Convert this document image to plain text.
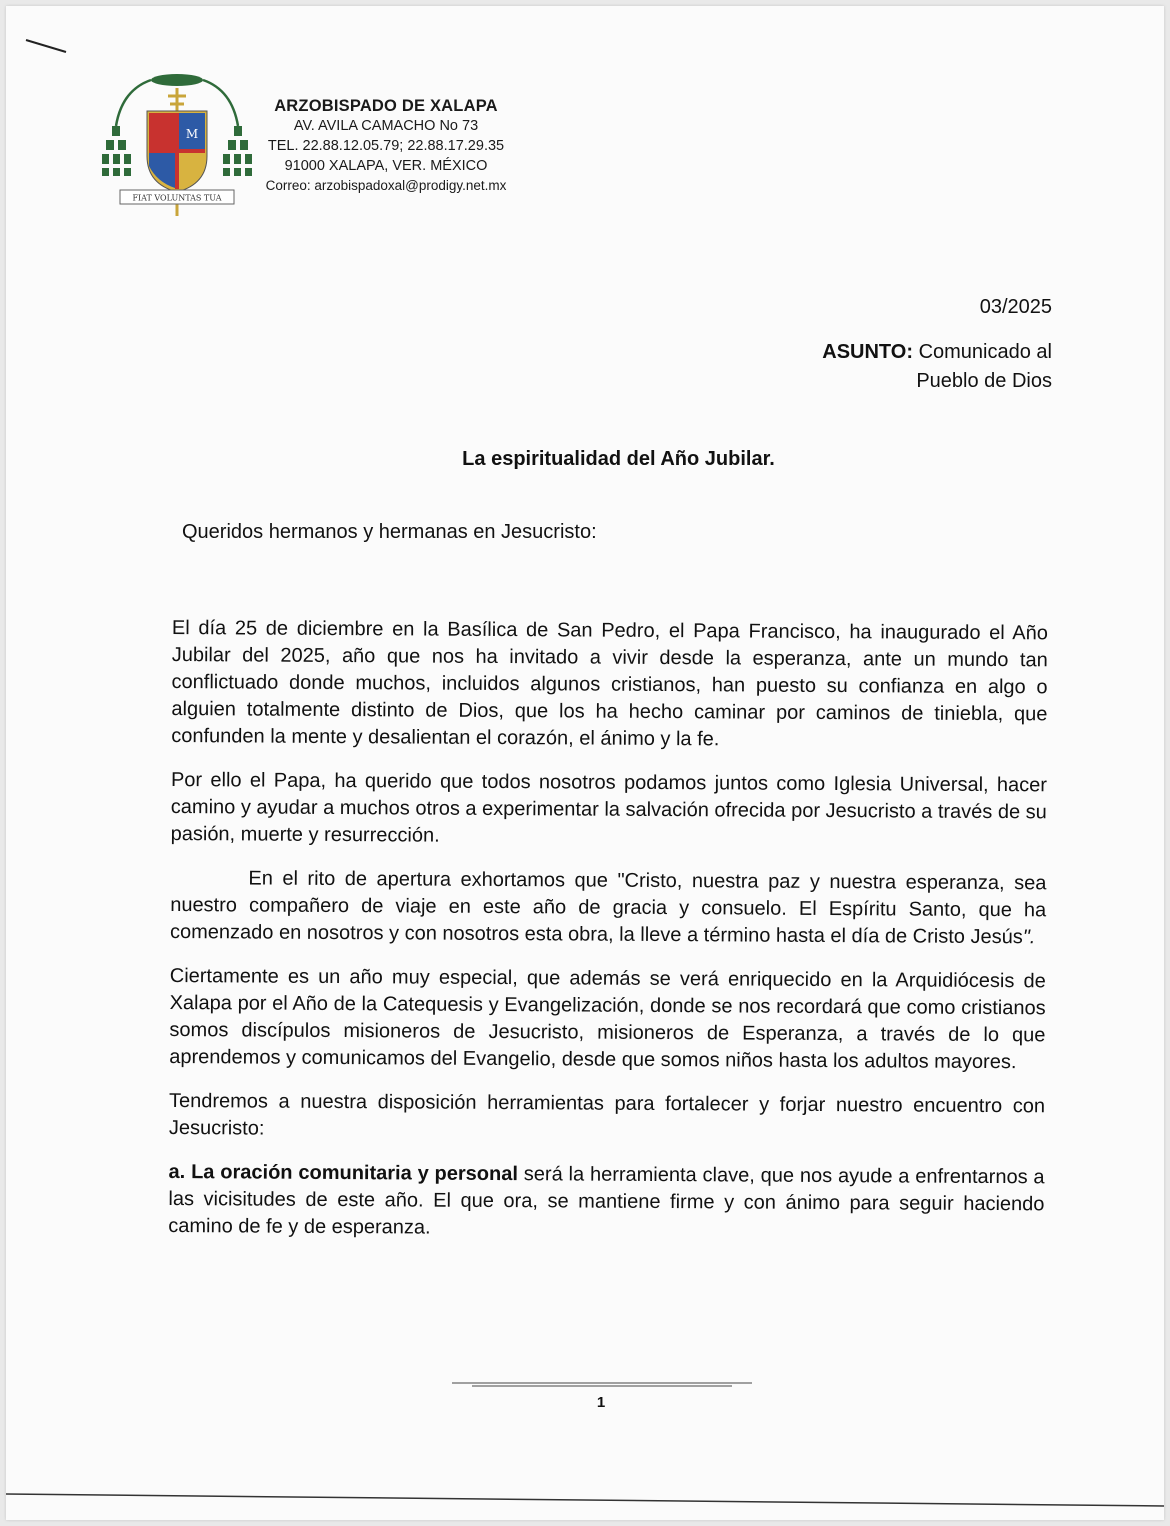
M
FIAT VOLUNTAS TUA
ARZOBISPADO DE XALAPA
AV. AVILA CAMACHO No 73
TEL. 22.88.12.05.79; 22.88.17.29.35
91000 XALAPA, VER. MÉXICO
Correo: arzobispadoxal@prodigy.net.mx
03/2025
ASUNTO: Comunicado al
Pueblo de Dios
La espiritualidad del Año Jubilar.
Queridos hermanos y hermanas en Jesucristo:

El día 25 de diciembre en la Basílica de San Pedro, el Papa Francisco, ha inaugurado el Año Jubilar del 2025, año que nos ha invitado a vivir desde la esperanza, ante un mundo tan conflictuado donde muchos, incluidos algunos cristianos, han puesto su confianza en algo o alguien totalmente distinto de Dios, que los ha hecho caminar por caminos de tiniebla, que confunden la mente y desalientan el corazón, el ánimo y la fe.

Por ello el Papa, ha querido que todos nosotros podamos juntos como Iglesia Universal, hacer camino y ayudar a muchos otros a experimentar la salvación ofrecida por Jesucristo a través de su pasión, muerte y resurrección.

En el rito de apertura exhortamos que "Cristo, nuestra paz y nuestra esperanza, sea nuestro compañero de viaje en este año de gracia y consuelo. El Espíritu Santo, que ha comenzado en nosotros y con nosotros esta obra, la lleve a término hasta el día de Cristo Jesús".

Ciertamente es un año muy especial, que además se verá enriquecido en la Arquidiócesis de Xalapa por el Año de la Catequesis y Evangelización, donde se nos recordará que como cristianos somos discípulos misioneros de Jesucristo, misioneros de Esperanza, a través de lo que aprendemos y comunicamos del Evangelio, desde que somos niños hasta los adultos mayores.

Tendremos a nuestra disposición herramientas para fortalecer y forjar nuestro encuentro con Jesucristo:

a. La oración comunitaria y personal será la herramienta clave, que nos ayude a enfrentarnos a las vicisitudes de este año. El que ora, se mantiene firme y con ánimo para seguir haciendo camino de fe y de esperanza.

1
